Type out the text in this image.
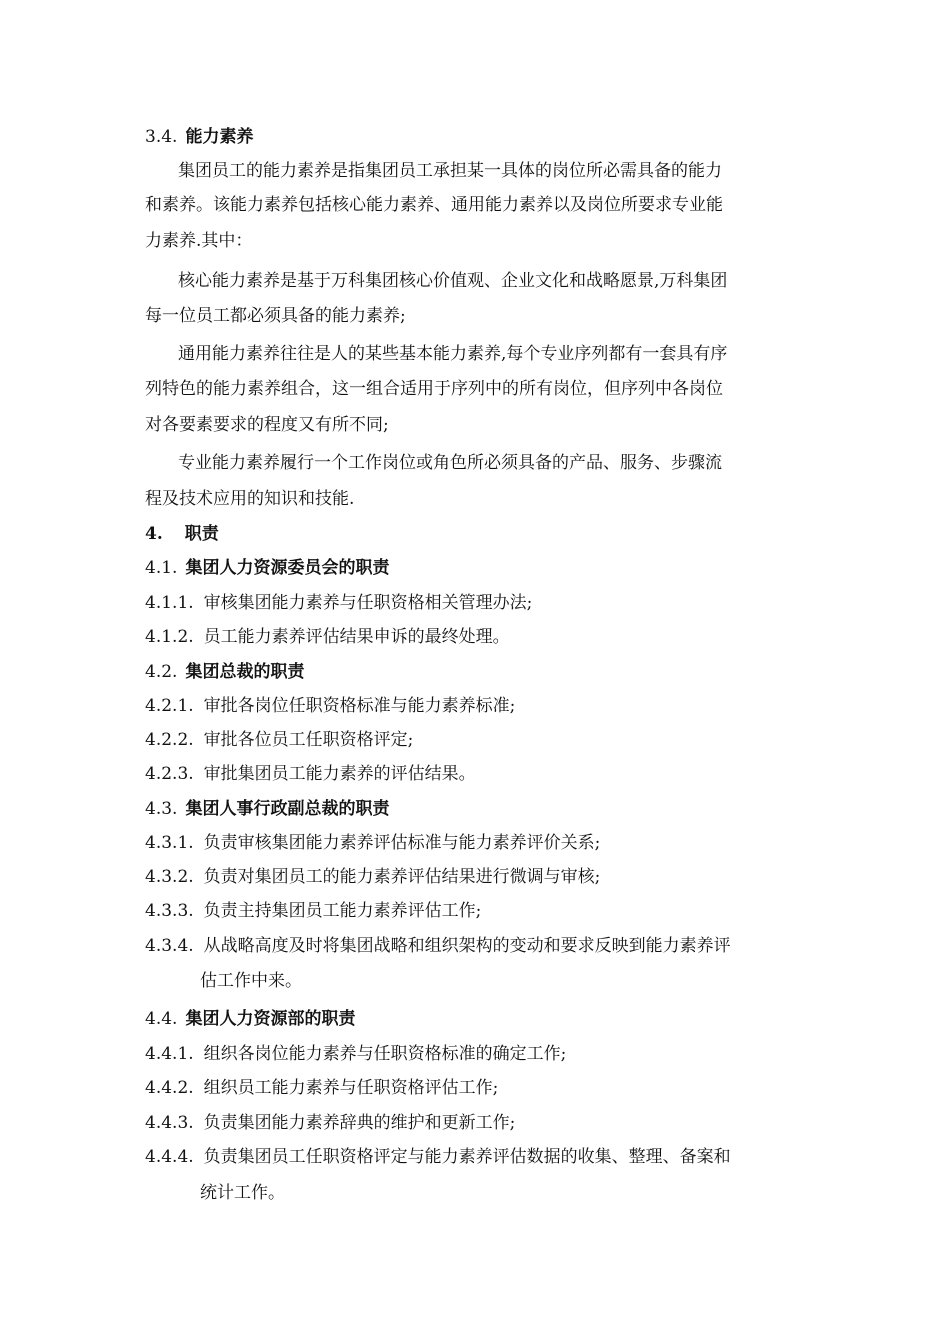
3.4. 能力素养
集团员工的能力素养是指集团员工承担某一具体的岗位所必需具备的能力
和素养。该能力素养包括核心能力素养、通用能力素养以及岗位所要求专业能
力素养.其中：
核心能力素养是基于万科集团核心价值观、企业文化和战略愿景,万科集团
每一位员工都必须具备的能力素养;
通用能力素养往往是人的某些基本能力素养,每个专业序列都有一套具有序
列特色的能力素养组合，这一组合适用于序列中的所有岗位，但序列中各岗位
对各要素要求的程度又有所不同;
专业能力素养履行一个工作岗位或角色所必须具备的产品、服务、步骤流
程及技术应用的知识和技能.
4. 职责
4.1. 集团人力资源委员会的职责
4.1.1. 审核集团能力素养与任职资格相关管理办法;
4.1.2. 员工能力素养评估结果申诉的最终处理。
4.2. 集团总裁的职责
4.2.1. 审批各岗位任职资格标准与能力素养标准;
4.2.2. 审批各位员工任职资格评定;
4.2.3. 审批集团员工能力素养的评估结果。
4.3. 集团人事行政副总裁的职责
4.3.1. 负责审核集团能力素养评估标准与能力素养评价关系;
4.3.2. 负责对集团员工的能力素养评估结果进行微调与审核;
4.3.3. 负责主持集团员工能力素养评估工作;
4.3.4. 从战略高度及时将集团战略和组织架构的变动和要求反映到能力素养评
估工作中来。
4.4. 集团人力资源部的职责
4.4.1. 组织各岗位能力素养与任职资格标准的确定工作;
4.4.2. 组织员工能力素养与任职资格评估工作;
4.4.3. 负责集团能力素养辞典的维护和更新工作;
4.4.4. 负责集团员工任职资格评定与能力素养评估数据的收集、整理、备案和
统计工作。
